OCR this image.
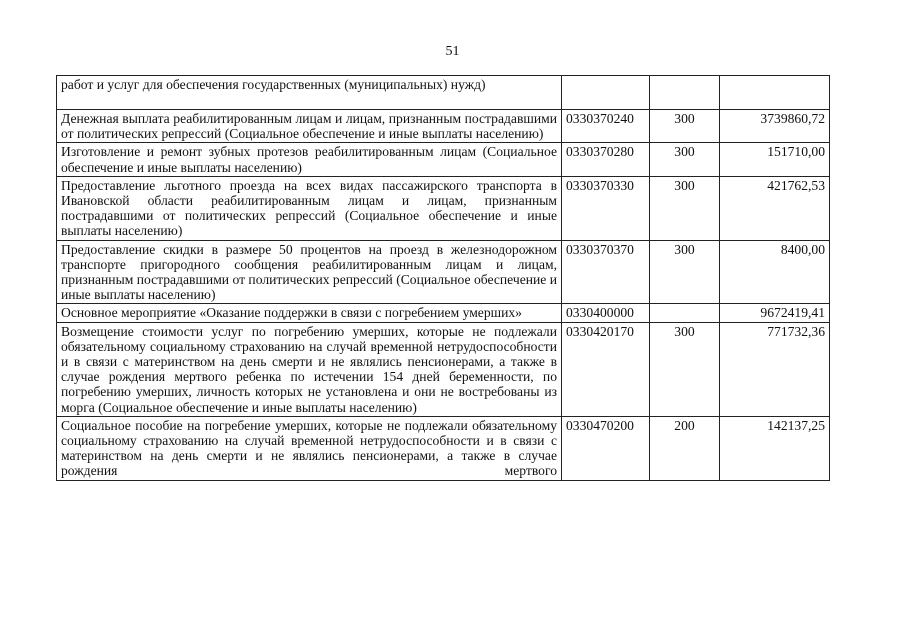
51
работ и услуг для обеспечения государственных (муниципальных) нужд)			
Денежная выплата реабилитированным лицам и лицам, признанным пострадавшими от политических репрессий (Социальное обеспечение и иные выплаты населению)	0330370240	300	3739860,72
Изготовление и ремонт зубных протезов реабилитированным лицам (Социальное обеспечение и иные выплаты населению)	0330370280	300	151710,00
Предоставление льготного проезда на всех видах пассажирского транспорта в Ивановской области реабилитированным лицам и лицам, признанным пострадавшими от политических репрессий (Социальное обеспечение и иные выплаты населению)	0330370330	300	421762,53
Предоставление скидки в размере 50 процентов на проезд в железнодорожном транспорте пригородного сообщения реабилитированным лицам и лицам, признанным пострадавшими от политических репрессий (Социальное обеспечение и иные выплаты населению)	0330370370	300	8400,00
Основное мероприятие «Оказание поддержки в связи с погребением умерших»	0330400000		9672419,41
Возмещение стоимости услуг по погребению умерших, которые не подлежали обязательному социальному страхованию на случай временной нетрудоспособности и в связи с материнством на день смерти и не являлись пенсионерами, а также в случае рождения мертвого ребенка по истечении 154 дней беременности, по погребению умерших, личность которых не установлена и они не востребованы из морга (Социальное обеспечение и иные выплаты населению)	0330420170	300	771732,36
Социальное пособие на погребение умерших, которые не подлежали обязательному социальному страхованию на случай временной нетрудоспособности и в связи с материнством на день смерти и не являлись пенсионерами, а также в случае рождения мертвого	0330470200	200	142137,25
